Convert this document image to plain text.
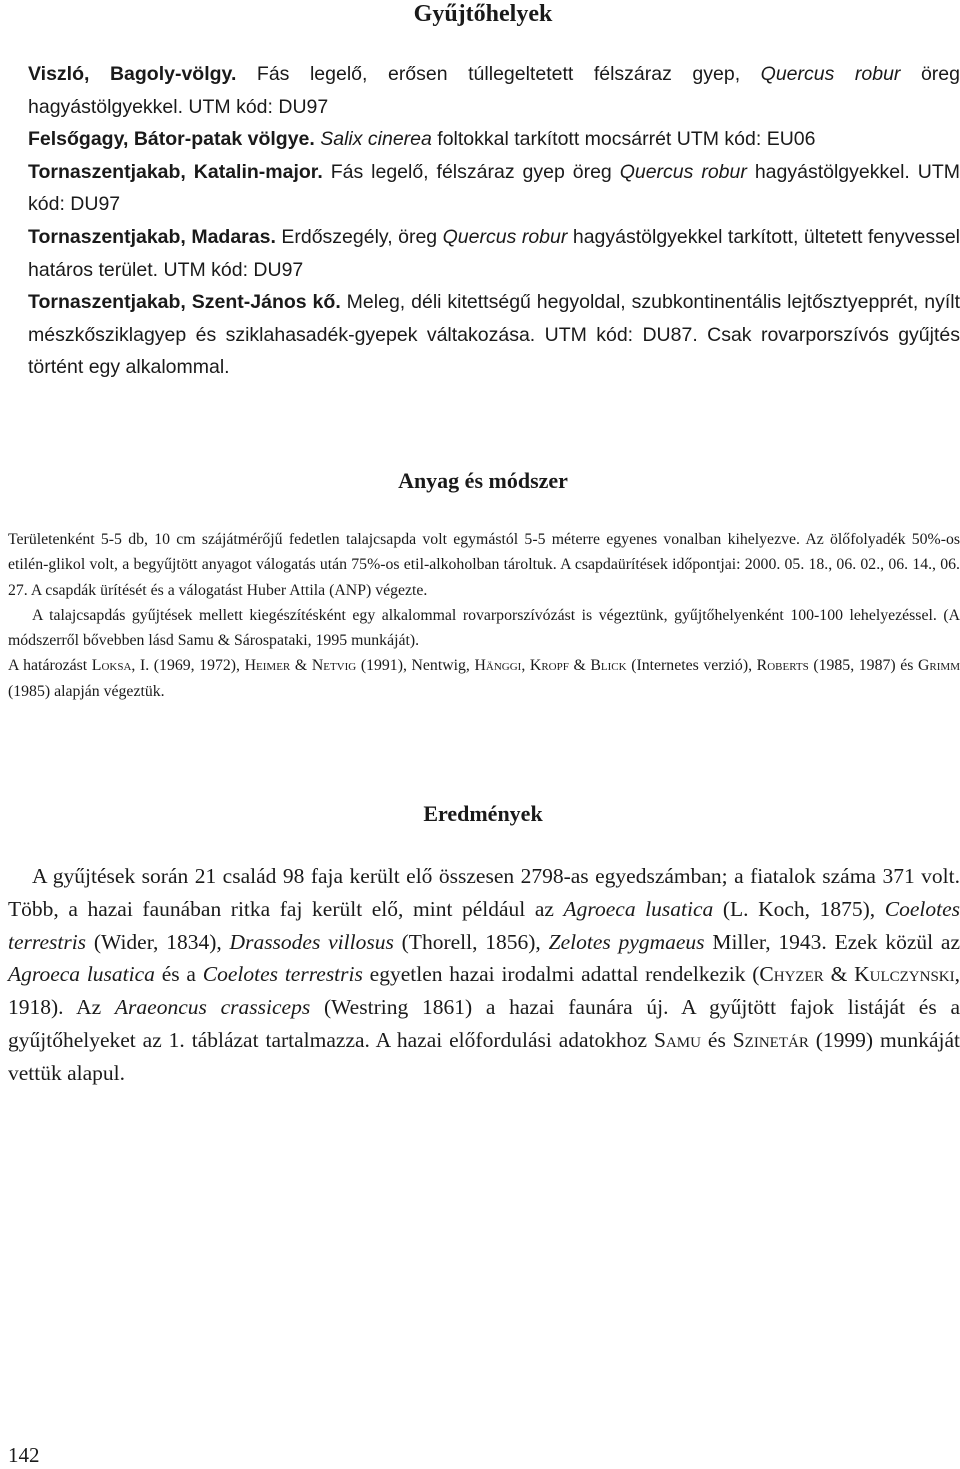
Gyűjtőhelyek

Viszló, Bagoly-völgy. Fás legelő, erősen túllegeltetett félszáraz gyep, Quercus robur öreg hagyástölgyekkel. UTM kód: DU97

Felsőgagy, Bátor-patak völgye. Salix cinerea foltokkal tarkított mocsárrét UTM kód: EU06

Tornaszentjakab, Katalin-major. Fás legelő, félszáraz gyep öreg Quercus robur hagyástölgyekkel. UTM kód: DU97

Tornaszentjakab, Madaras. Erdőszegély, öreg Quercus robur hagyástölgyekkel tarkított, ültetett fenyvessel határos terület. UTM kód: DU97

Tornaszentjakab, Szent-János kő. Meleg, déli kitettségű hegyoldal, szubkontinentális lejtősztyepprét, nyílt mészkősziklagyep és sziklahasadék-gyepek váltakozása. UTM kód: DU87. Csak rovarporszívós gyűjtés történt egy alkalommal.

Anyag és módszer

Területenként 5-5 db, 10 cm szájátmérőjű fedetlen talajcsapda volt egymástól 5-5 méterre egyenes vonalban kihelyezve. Az ölőfolyadék 50%-os etilén-glikol volt, a begyűjtött anyagot válogatás után 75%-os etil-alkoholban tároltuk. A csapdaürítések időpontjai: 2000. 05. 18., 06. 02., 06. 14., 06. 27. A csapdák ürítését és a válogatást Huber Attila (ANP) végezte.

A talajcsapdás gyűjtések mellett kiegészítésként egy alkalommal rovarporszívózást is végeztünk, gyűjtőhelyenként 100-100 lehelyezéssel. (A módszerről bővebben lásd Samu & Sárospataki, 1995 munkáját).

A határozást Loksa, I. (1969, 1972), Heimer & Netvig (1991), Nentwig, Hänggi, Kropf & Blick (Internetes verzió), Roberts (1985, 1987) és Grimm (1985) alapján végeztük.

Eredmények

A gyűjtések során 21 család 98 faja került elő összesen 2798-as egyedszámban; a fiatalok száma 371 volt. Több, a hazai faunában ritka faj került elő, mint például az Agroeca lusatica (L. Koch, 1875), Coelotes terrestris (Wider, 1834), Drassodes villosus (Thorell, 1856), Zelotes pygmaeus Miller, 1943. Ezek közül az Agroeca lusatica és a Coelotes terrestris egyetlen hazai irodalmi adattal rendelkezik (Chyzer & Kulczynski, 1918). Az Araeoncus crassiceps (Westring 1861) a hazai faunára új. A gyűjtött fajok listáját és a gyűjtőhelyeket az 1. táblázat tartalmazza. A hazai előfordulási adatokhoz Samu és Szinetár (1999) munkáját vettük alapul.

142
